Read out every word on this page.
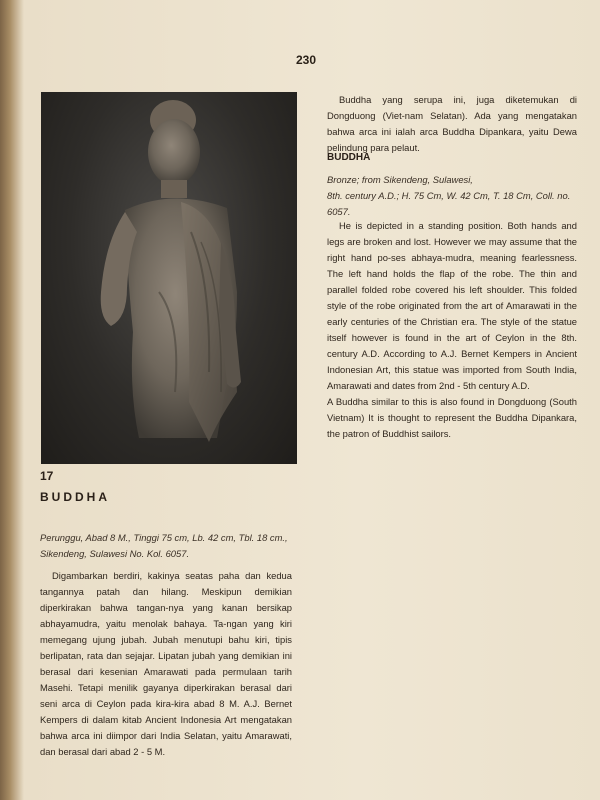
230
17
BUDDHA
Perunggu, Abad 8 M., Tinggi 75 cm, Lb. 42 cm, Tbl. 18 cm.,
Sikendeng, Sulawesi No. Kol. 6057.

Digambarkan berdiri, kakinya seatas paha dan kedua tangannya patah dan hilang. Meskipun demikian diperkirakan bahwa tangan-nya yang kanan bersikap abhayamudra, yaitu menolak bahaya. Ta-ngan yang kiri memegang ujung jubah. Jubah menutupi bahu kiri, tipis berlipatan, rata dan sejajar. Lipatan jubah yang demikian ini berasal dari kesenian Amarawati pada permulaan tarih Masehi. Tetapi menilik gayanya diperkirakan berasal dari seni arca di Ceylon pada kira-kira abad 8 M. A.J. Bernet Kempers di dalam kitab Ancient Indonesia Art mengatakan bahwa arca ini diimpor dari India Selatan, yaitu Amarawati, dan berasal dari abad 2 - 5 M.

Buddha yang serupa ini, juga diketemukan di Dongduong (Viet-nam Selatan). Ada yang mengatakan bahwa arca ini ialah arca Buddha Dipankara, yaitu Dewa pelindung para pelaut.

BUDDHA
Bronze; from Sikendeng, Sulawesi,
8th. century A.D.; H. 75 Cm, W. 42 Cm, T. 18 Cm, Coll. no. 6057.

He is depicted in a standing position. Both hands and legs are broken and lost. However we may assume that the right hand po-ses abhaya-mudra, meaning fearlessness. The left hand holds the flap of the robe. The thin and parallel folded robe covered his left shoulder. This folded style of the robe originated from the art of Amarawati in the early centuries of the Christian era. The style of the statue itself however is found in the art of Ceylon in the 8th. century A.D. According to A.J. Bernet Kempers in Ancient Indonesian Art, this statue was imported from South India, Amarawati and dates from 2nd - 5th century A.D.

A Buddha similar to this is also found in Dongduong (South Vietnam) It is thought to represent the Buddha Dipankara, the patron of Buddhist sailors.
